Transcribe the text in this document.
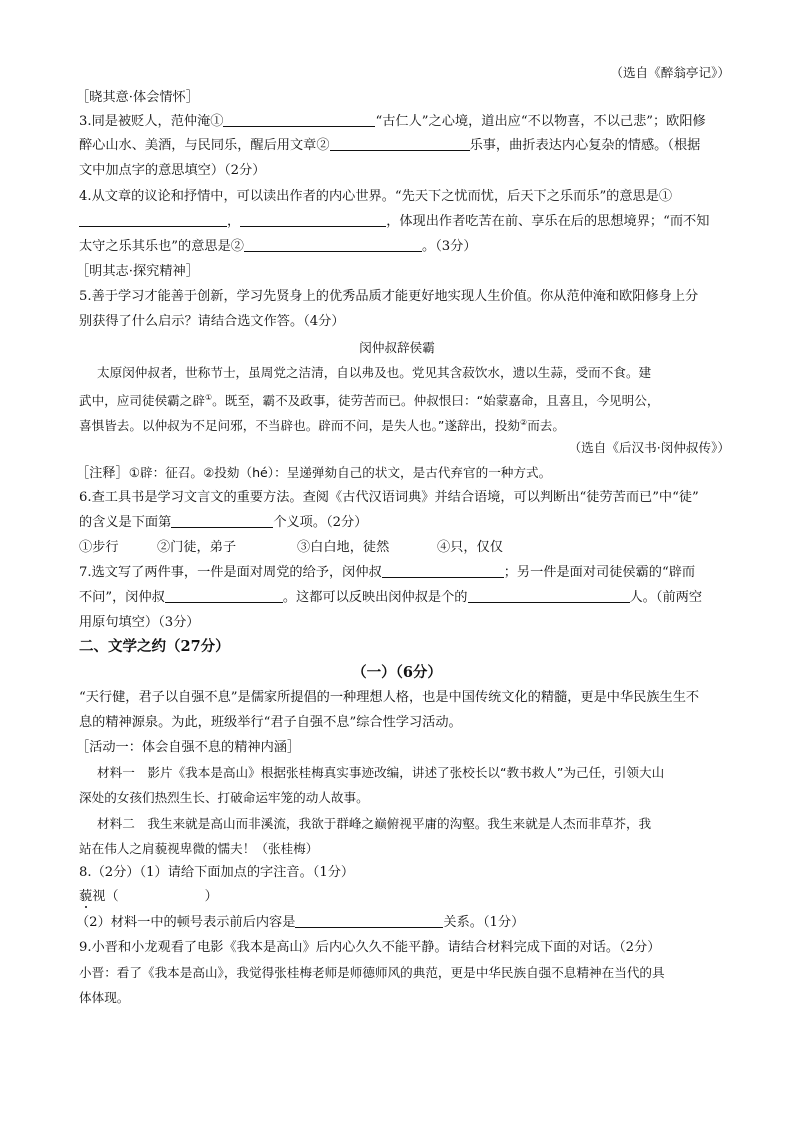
（选自《醉翁亭记》）
［晓其意·体会情怀］
3.同是被贬人，范仲淹①	“古仁人”之心境，道出应“不以物喜，不以己悲”；欧阳修
醉心山水、美酒，与民同乐，醒后用文章②	乐事，曲折表达内心复杂的情感。（根据
文中加点字的意思填空）（2分）
4.从文章的议论和抒情中，可以读出作者的内心世界。“先天下之忧而忧，后天下之乐而乐”的意思是①
，	，体现出作者吃苦在前、享乐在后的思想境界；“而不知
太守之乐其乐也”的意思是②	。（3分）
［明其志·探究精神］
5.善于学习才能善于创新，学习先贤身上的优秀品质才能更好地实现人生价值。你从范仲淹和欧阳修身上分
别获得了什么启示？请结合选文作答。（4分）
闵仲叔辞侯霸
太原闵仲叔者，世称节士，虽周党之洁清，自以弗及也。党见其含菽饮水，遗以生蒜，受而不食。建
武中，应司徒侯霸之辟①。既至，霸不及政事，徒劳苦而已。仲叔恨曰：“始蒙嘉命，且喜且，今见明公，
喜惧皆去。以仲叔为不足问邪，不当辟也。辟而不问，是失人也。”遂辞出，投劾②而去。
（选自《后汉书·闵仲叔传》）
［注释］①辟：征召。②投劾（hé）：呈递弹劾自己的状文，是古代弃官的一种方式。
6.查工具书是学习文言文的重要方法。查阅《古代汉语词典》并结合语境，可以判断出“徒劳苦而已”中“徒”
的含义是下面第	个义项。（2分）
①步行	②门徒，弟子	③白白地，徒然	④只，仅仅
7.选文写了两件事，一件是面对周党的给予，闵仲叔	；另一件是面对司徒侯霸的“辟而
不问”，闵仲叔	。这都可以反映出闵仲叔是个的	人。（前两空
用原句填空）（3分）
二、文学之约（27分）
（一）（6分）
“天行健，君子以自强不息”是儒家所提倡的一种理想人格，也是中国传统文化的精髓，更是中华民族生生不
息的精神源泉。为此，班级举行“君子自强不息”综合性学习活动。
［活动一：体会自强不息的精神内涵］
材料一　影片《我本是高山》根据张桂梅真实事迹改编，讲述了张校长以“教书救人”为己任，引领大山
深处的女孩们热烈生长、打破命运牢笼的动人故事。
材料二　我生来就是高山而非溪流，我欲于群峰之巅俯视平庸的沟壑。我生来就是人杰而非草芥，我
站在伟人之肩藐视卑微的懦夫！（张桂梅）
8.（2分）（1）请给下面加点的字注音。（1分）
藐视（	）
（2）材料一中的顿号表示前后内容是	关系。（1分）
9.小晋和小龙观看了电影《我本是高山》后内心久久不能平静。请结合材料完成下面的对话。（2分）
小晋：看了《我本是高山》，我觉得张桂梅老师是师德师风的典范，更是中华民族自强不息精神在当代的具
体体现。
